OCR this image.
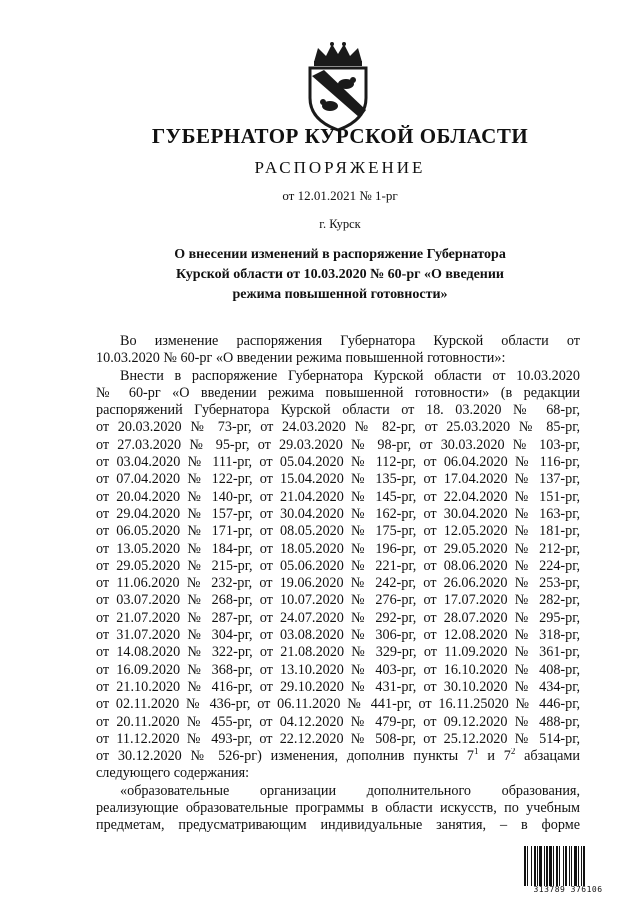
ГУБЕРНАТОР КУРСКОЙ ОБЛАСТИ
РАСПОРЯЖЕНИЕ
от 12.01.2021 № 1-рг
г. Курск
О внесении изменений в распоряжение Губернатора
Курской области от 10.03.2020 № 60-рг «О введении
режима повышенной готовности»
Во изменение распоряжения Губернатора Курской области от
10.03.2020 № 60-рг «О введении режима повышенной готовности»:
Внести в распоряжение Губернатора Курской области от 10.03.2020
№ 60-рг «О введении режима повышенной готовности» (в редакции
распоряжений Губернатора Курской области от 18. 03.2020 № 68-рг,
от 20.03.2020 № 73-рг, от 24.03.2020 № 82-рг, от 25.03.2020 № 85-рг,
от 27.03.2020 № 95-рг, от 29.03.2020 № 98-рг, от 30.03.2020 № 103-рг,
от 03.04.2020 № 111-рг, от 05.04.2020 № 112-рг, от 06.04.2020 № 116-рг,
от 07.04.2020 № 122-рг, от 15.04.2020 № 135-рг, от 17.04.2020 № 137-рг,
от 20.04.2020 № 140-рг, от 21.04.2020 № 145-рг, от 22.04.2020 № 151-рг,
от 29.04.2020 № 157-рг, от 30.04.2020 № 162-рг, от 30.04.2020 № 163-рг,
от 06.05.2020 № 171-рг, от 08.05.2020 № 175-рг, от 12.05.2020 № 181-рг,
от 13.05.2020 № 184-рг, от 18.05.2020 № 196-рг, от 29.05.2020 № 212-рг,
от 29.05.2020 № 215-рг, от 05.06.2020 № 221-рг, от 08.06.2020 № 224-рг,
от 11.06.2020 № 232-рг, от 19.06.2020 № 242-рг, от 26.06.2020 № 253-рг,
от 03.07.2020 № 268-рг, от 10.07.2020 № 276-рг, от 17.07.2020 № 282-рг,
от 21.07.2020 № 287-рг, от 24.07.2020 № 292-рг, от 28.07.2020 № 295-рг,
от 31.07.2020 № 304-рг, от 03.08.2020 № 306-рг, от 12.08.2020 № 318-рг,
от 14.08.2020 № 322-рг, от 21.08.2020 № 329-рг, от 11.09.2020 № 361-рг,
от 16.09.2020 № 368-рг, от 13.10.2020 № 403-рг, от 16.10.2020 № 408-рг,
от 21.10.2020 № 416-рг, от 29.10.2020 № 431-рг, от 30.10.2020 № 434-рг,
от 02.11.2020 № 436-рг, от 06.11.2020 № 441-рг, от 16.11.25020 № 446-рг,
от 20.11.2020 № 455-рг, от 04.12.2020 № 479-рг, от 09.12.2020 № 488-рг,
от 11.12.2020 № 493-рг, от 22.12.2020 № 508-рг, от 25.12.2020 № 514-рг,
от 30.12.2020 № 526-рг) изменения, дополнив пункты $7^1$ и $7^2$ абзацами
следующего содержания:
«образовательные организации дополнительного образования,
реализующие образовательные программы в области искусств, по учебным
предметам, предусматривающим индивидуальные занятия, – в форме
313789 376106
